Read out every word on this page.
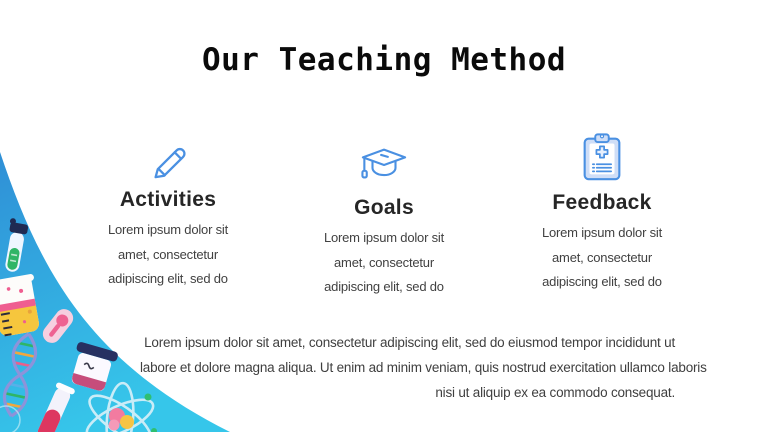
Our Teaching Method
Activities
Lorem ipsum dolor sit
amet, consectetur
adipiscing elit, sed do
Goals
Lorem ipsum dolor sit
amet, consectetur
adipiscing elit, sed do
Feedback
Lorem ipsum dolor sit
amet, consectetur
adipiscing elit, sed do
Lorem ipsum dolor sit amet, consectetur adipiscing elit, sed do eiusmod tempor incididunt ut
labore et dolore magna aliqua. Ut enim ad minim veniam, quis nostrud exercitation ullamco laboris
nisi ut aliquip ex ea commodo consequat.
